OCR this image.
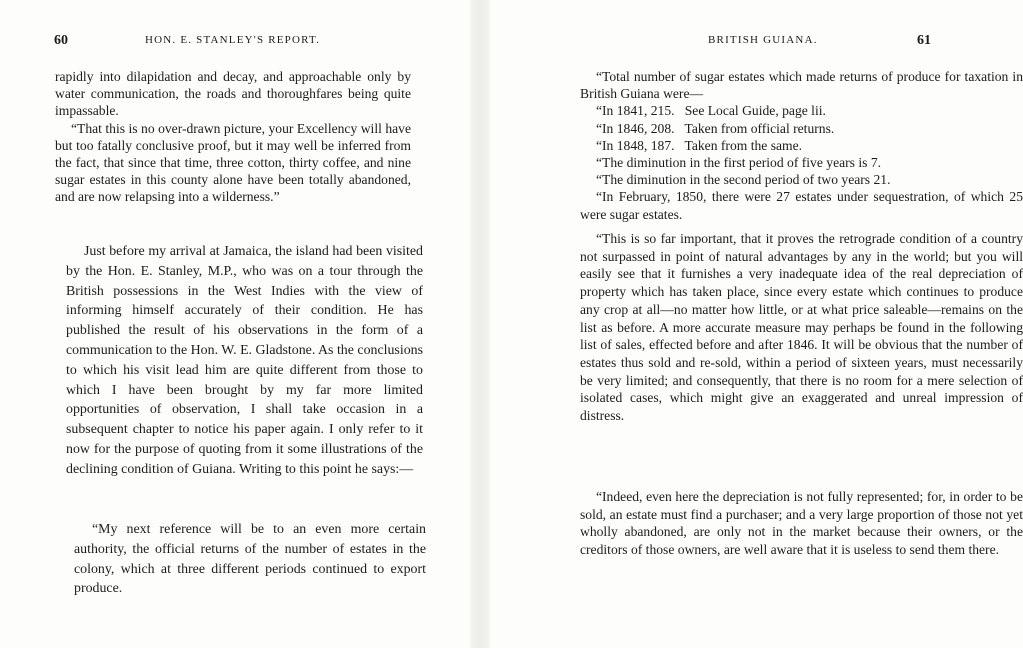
60	HON. E. STANLEY'S REPORT.

rapidly into dilapidation and decay, and approachable only by water communication, the roads and thoroughfares being quite impassable.

“That this is no over-drawn picture, your Excellency will have but too fatally conclusive proof, but it may well be inferred from the fact, that since that time, three cotton, thirty coffee, and nine sugar estates in this county alone have been totally abandoned, and are now relapsing into a wilderness.”

Just before my arrival at Jamaica, the island had been visited by the Hon. E. Stanley, M.P., who was on a tour through the British possessions in the West Indies with the view of informing himself accurately of their condition. He has published the result of his observations in the form of a communication to the Hon. W. E. Gladstone. As the conclusions to which his visit lead him are quite different from those to which I have been brought by my far more limited opportunities of observation, I shall take occasion in a subsequent chapter to notice his paper again. I only refer to it now for the purpose of quoting from it some illustrations of the declining condition of Guiana. Writing to this point he says:—

“My next reference will be to an even more certain authority, the official returns of the number of estates in the colony, which at three different periods continued to export produce.

BRITISH GUIANA.	61

“Total number of sugar estates which made returns of produce for taxation in British Guiana were—

“In 1841, 215.   See Local Guide, page lii.

“In 1846, 208.   Taken from official returns.

“In 1848, 187.   Taken from the same.

“The diminution in the first period of five years is 7.

“The diminution in the second period of two years 21.

“In February, 1850, there were 27 estates under sequestration, of which 25 were sugar estates.

“This is so far important, that it proves the retrograde condition of a country not surpassed in point of natural advantages by any in the world; but you will easily see that it furnishes a very inadequate idea of the real depreciation of property which has taken place, since every estate which continues to produce any crop at all—no matter how little, or at what price saleable—remains on the list as before. A more accurate measure may perhaps be found in the following list of sales, effected before and after 1846. It will be obvious that the number of estates thus sold and re-sold, within a period of sixteen years, must necessarily be very limited; and consequently, that there is no room for a mere selection of isolated cases, which might give an exaggerated and unreal impression of distress.

“Indeed, even here the depreciation is not fully represented; for, in order to be sold, an estate must find a purchaser; and a very large proportion of those not yet wholly abandoned, are only not in the market because their owners, or the creditors of those owners, are well aware that it is useless to send them there.
